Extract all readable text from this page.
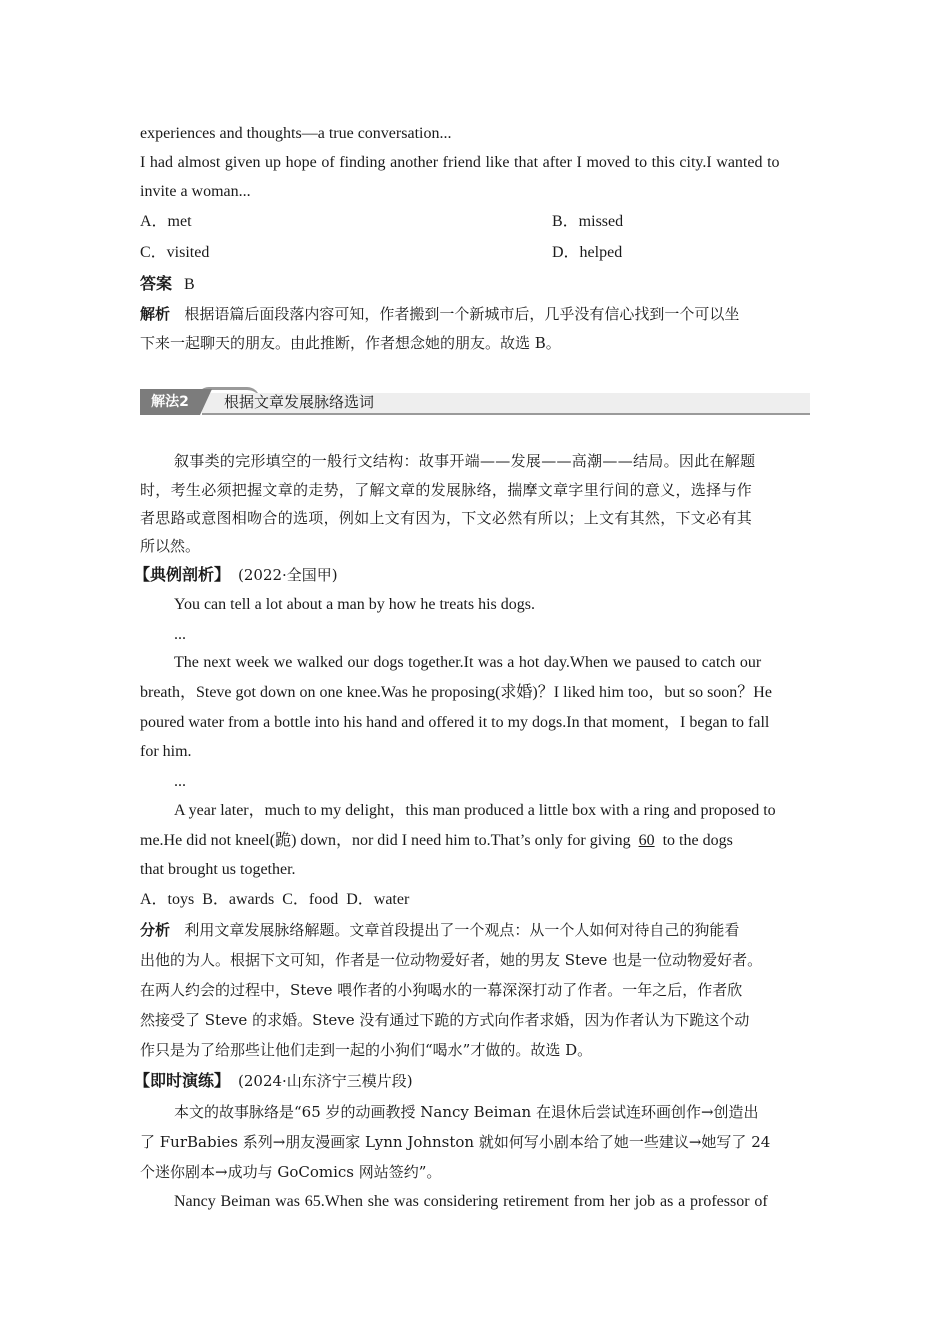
experiences and thoughts—a true conversation...
I had almost given up hope of finding another friend like that after I moved to this city.I wanted to
invite a woman...
A．met	B．missed
C．visited	D．helped
答案 B
解析 根据语篇后面段落内容可知，作者搬到一个新城市后，几乎没有信心找到一个可以坐
下来一起聊天的朋友。由此推断，作者想念她的朋友。故选 B。
解法2	根据文章发展脉络选词
叙事类的完形填空的一般行文结构：故事开端——发展——高潮——结局。因此在解题
时，考生必须把握文章的走势，了解文章的发展脉络，揣摩文章字里行间的意义，选择与作
者思路或意图相吻合的选项，例如上文有因为，下文必然有所以；上文有其然，下文必有其
所以然。
【典例剖析】 (2022·全国甲)
You can tell a lot about a man by how he treats his dogs.
...
The next week we walked our dogs together.It was a hot day.When we paused to catch our
breath，Steve got down on one knee.Was he proposing(求婚)？I liked him too，but so soon？He
poured water from a bottle into his hand and offered it to my dogs.In that moment，I began to fall
for him.
...
A year later，much to my delight，this man produced a little box with a ring and proposed to
me.He did not kneel(跪) down，nor did I need him to.That’s only for giving 60 to the dogs
that brought us together.
A．toys  B．awards  C．food  D．water
分析 利用文章发展脉络解题。文章首段提出了一个观点：从一个人如何对待自己的狗能看
出他的为人。根据下文可知，作者是一位动物爱好者，她的男友 Steve 也是一位动物爱好者。
在两人约会的过程中，Steve 喂作者的小狗喝水的一幕深深打动了作者。一年之后，作者欣
然接受了 Steve 的求婚。Steve 没有通过下跪的方式向作者求婚，因为作者认为下跪这个动
作只是为了给那些让他们走到一起的小狗们“喝水”才做的。故选 D。
【即时演练】 (2024·山东济宁三模片段)
本文的故事脉络是“65 岁的动画教授 Nancy Beiman 在退休后尝试连环画创作→创造出
了 FurBabies 系列→朋友漫画家 Lynn Johnston 就如何写小剧本给了她一些建议→她写了 24
个迷你剧本→成功与 GoComics 网站签约”。
Nancy Beiman was 65.When she was considering retirement from her job as a professor of
